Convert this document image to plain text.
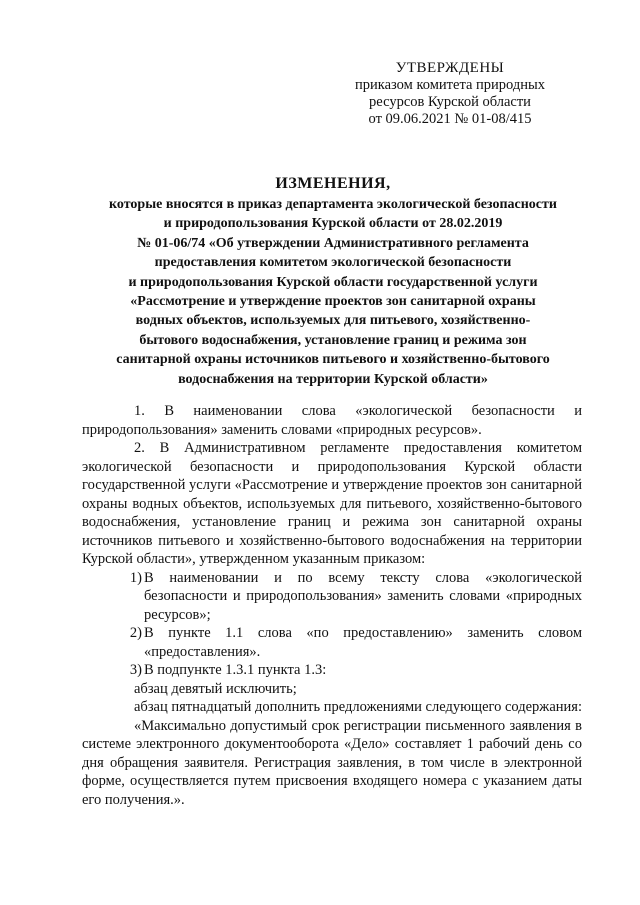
УТВЕРЖДЕНЫ
приказом комитета природных
ресурсов Курской области
от 09.06.2021 № 01-08/415
ИЗМЕНЕНИЯ,
которые вносятся в приказ департамента экологической безопасности
и природопользования Курской области от 28.02.2019
№ 01-06/74 «Об утверждении Административного регламента
предоставления комитетом экологической безопасности
и природопользования Курской области государственной услуги
«Рассмотрение и утверждение проектов зон санитарной охраны
водных объектов, используемых для питьевого, хозяйственно-
бытового водоснабжения, установление границ и режима зон
санитарной охраны источников питьевого и хозяйственно-бытового
водоснабжения на территории Курской области»
1. В наименовании слова «экологической безопасности и природопользования» заменить словами «природных ресурсов».
2. В Административном регламенте предоставления комитетом экологической безопасности и природопользования Курской области государственной услуги «Рассмотрение и утверждение проектов зон санитарной охраны водных объектов, используемых для питьевого, хозяйственно-бытового водоснабжения, установление границ и режима зон санитарной охраны источников питьевого и хозяйственно-бытового водоснабжения на территории Курской области», утвержденном указанным приказом:
1) В наименовании и по всему тексту слова «экологической безопасности и природопользования» заменить словами «природных ресурсов»;
2) В пункте 1.1 слова «по предоставлению» заменить словом «предоставления».
3) В подпункте 1.3.1 пункта 1.3:
абзац девятый исключить;
абзац пятнадцатый дополнить предложениями следующего содержания:
«Максимально допустимый срок регистрации письменного заявления в системе электронного документооборота «Дело» составляет 1 рабочий день со дня обращения заявителя. Регистрация заявления, в том числе в электронной форме, осуществляется путем присвоения входящего номера с указанием даты его получения.».
